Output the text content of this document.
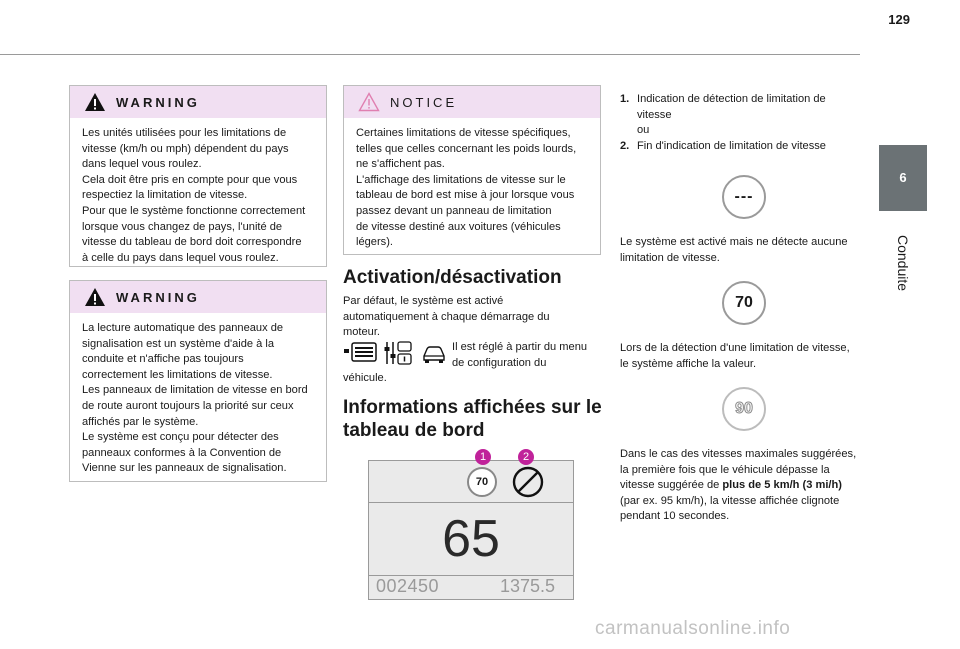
129
6
Conduite
WARNING

Les unités utilisées pour les limitations de

vitesse (km/h ou mph) dépendent du pays

dans lequel vous roulez.

Cela doit être pris en compte pour que vous

respectiez la limitation de vitesse.

Pour que le système fonctionne correctement

lorsque vous changez de pays, l'unité de

vitesse du tableau de bord doit correspondre

à celle du pays dans lequel vous roulez.

WARNING

La lecture automatique des panneaux de

signalisation est un système d'aide à la

conduite et n'affiche pas toujours

correctement les limitations de vitesse.

Les panneaux de limitation de vitesse en bord

de route auront toujours la priorité sur ceux

affichés par le système.

Le système est conçu pour détecter des

panneaux conformes à la Convention de

Vienne sur les panneaux de signalisation.

NOTICE

Certaines limitations de vitesse spécifiques,

telles que celles concernant les poids lourds,

ne s'affichent pas.

L'affichage des limitations de vitesse sur le

tableau de bord est mise à jour lorsque vous

passez devant un panneau de limitation

de vitesse destiné aux voitures (véhicules

légers).

Activation/désactivation

Par défaut, le système est activé

automatiquement à chaque démarrage du

moteur.

Il est réglé à partir du menu
de configuration du
véhicule.
Informations affichées sur le
tableau de bord
70
1	2
65
002450	1375.5
1. Indication de détection de limitation de
vitesse
ou
2. Fin d'indication de limitation de vitesse
---

Le système est activé mais ne détecte aucune

limitation de vitesse.

70

Lors de la détection d'une limitation de vitesse,

le système affiche la valeur.

90

Dans le cas des vitesses maximales suggérées,

la première fois que le véhicule dépasse la

vitesse suggérée de plus de 5 km/h (3 mi/h)

(par ex. 95 km/h), la vitesse affichée clignote

pendant 10 secondes.

carmanualsonline.info
